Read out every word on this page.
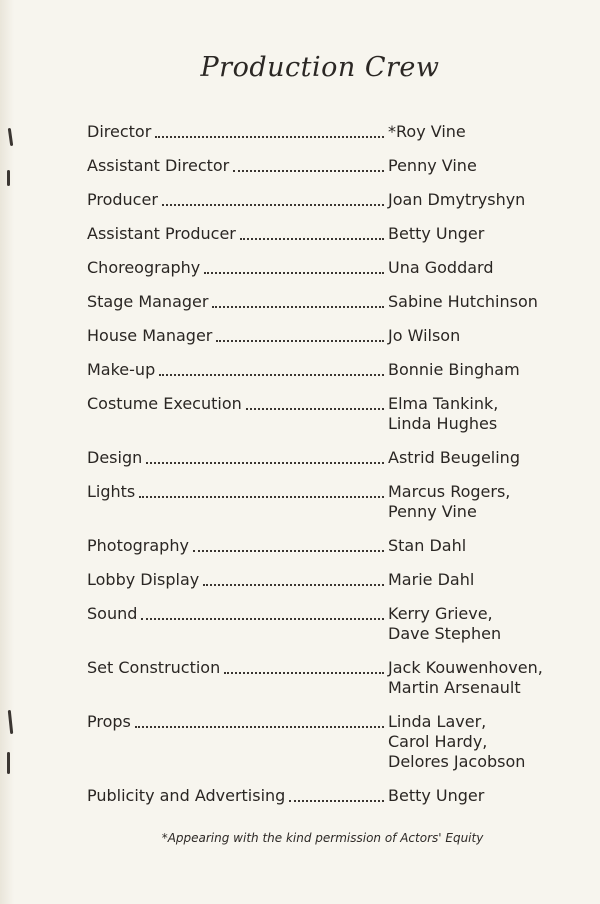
Production Crew
Director	*Roy Vine
Assistant Director	Penny Vine
Producer	Joan Dmytryshyn
Assistant Producer	Betty Unger
Choreography	Una Goddard
Stage Manager	Sabine Hutchinson
House Manager	Jo Wilson
Make-up	Bonnie Bingham
Costume Execution	Elma Tankink,
Linda Hughes
Design	Astrid Beugeling
Lights	Marcus Rogers,
Penny Vine
Photography	Stan Dahl
Lobby Display	Marie Dahl
Sound	Kerry Grieve,
Dave Stephen
Set Construction	Jack Kouwenhoven,
Martin Arsenault
Props	Linda Laver,
Carol Hardy,
Delores Jacobson
Publicity and Advertising	Betty Unger
*Appearing with the kind permission of Actors' Equity
